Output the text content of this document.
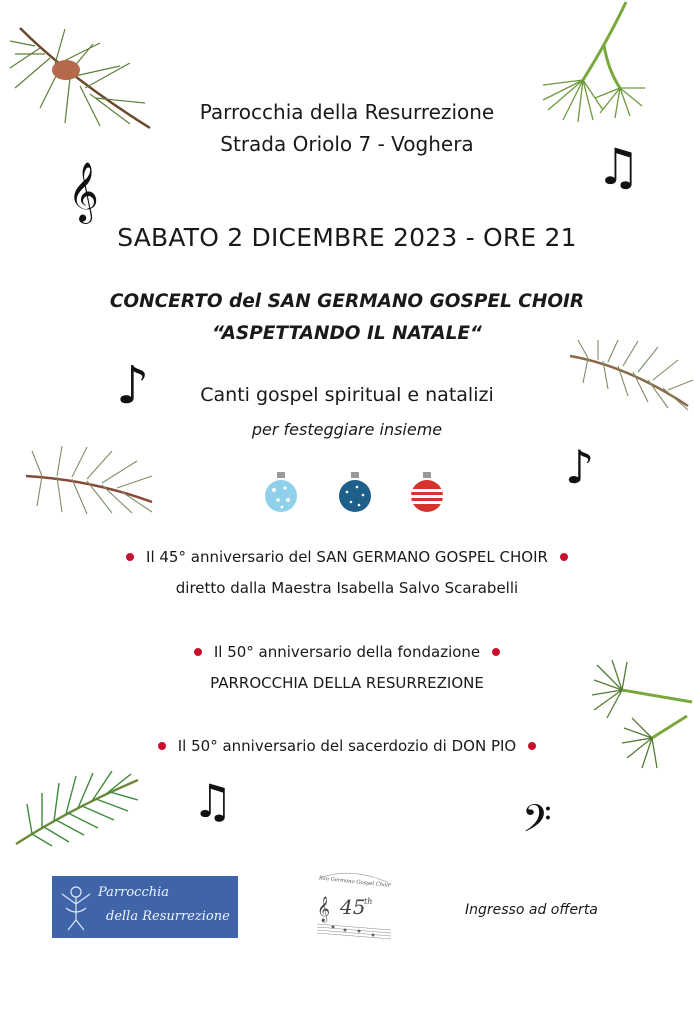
Parrocchia della Resurrezione
Strada Oriolo 7 - Voghera
SABATO 2 DICEMBRE 2023 - ORE 21
CONCERTO del SAN GERMANO GOSPEL CHOIR
“ASPETTANDO IL NATALE“
Canti gospel spiritual e natalizi
per festeggiare insieme
Il 45° anniversario del SAN GERMANO GOSPEL CHOIR
diretto dalla Maestra Isabella Salvo Scarabelli
Il 50° anniversario della fondazione
PARROCCHIA DELLA RESURREZIONE
Il 50° anniversario del sacerdozio di DON PIO
𝄞	♫
♪
♪
♫	𝄢
Parrocchia
della Resurrezione
San Germano Gospel Choir
45
th
𝄞	Ingresso ad offerta
